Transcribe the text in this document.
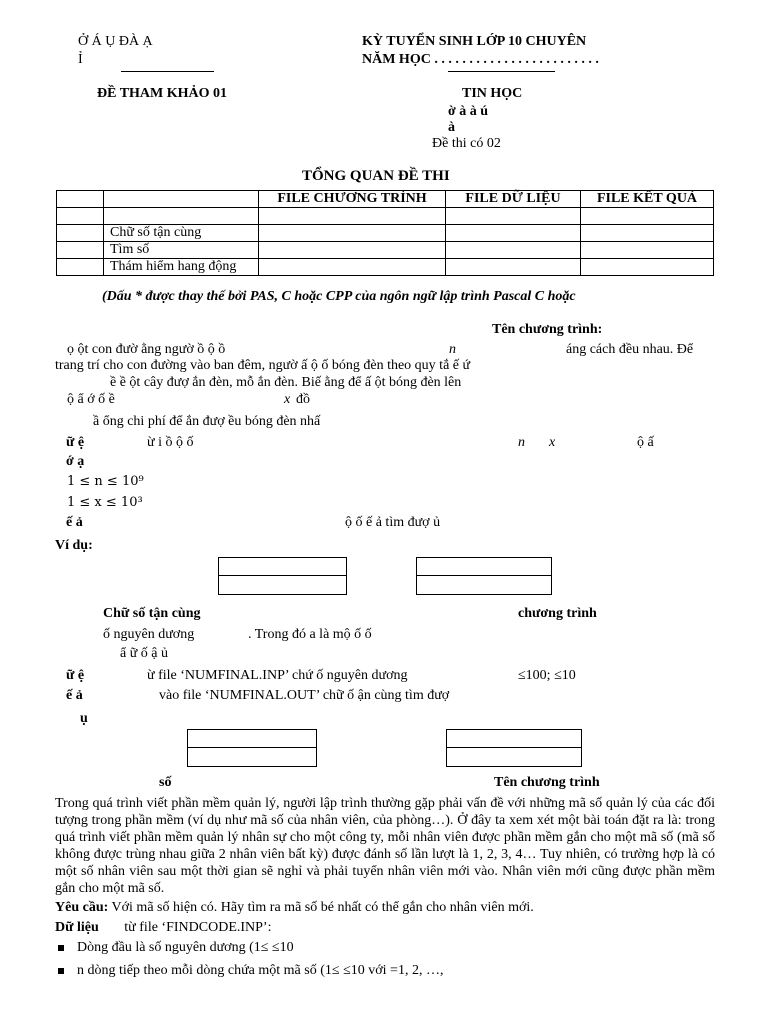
Ở Á Ụ ĐÀ Ạ
Ỉ
KỲ TUYỂN SINH LỚP 10 CHUYÊN
NĂM HỌC . . . . . . . . . . . . . . . . . . . . . . . .
ĐỀ THAM KHẢO 01	TIN HỌC
ờ à à ú
à
Đề thi có 02
TỔNG QUAN ĐỀ THI
		FILE CHƯƠNG TRÌNH	FILE DỮ LIỆU	FILE KẾT QUẢ

	Chữ số tận cùng			
	Tìm số			
	Thám hiểm hang động			
(Dấu * được thay thế bởi PAS, C hoặc CPP của ngôn ngữ lập trình Pascal C hoặc
Tên chương trình:
ọ ột con đườ ằng ngườ ồ ộ ồ	n	áng cách đều nhau. Để
trang trí cho con đường vào ban đêm, ngườ ấ ộ ố bóng đèn theo quy tắ ế ứ
ề ề ột cây đượ ắn đèn, mỗ ắn đèn. Biế ằng để ấ ột bóng đèn lên
ộ ẩ ớ ố ề	x đồ
ầ ổng chi phí để ắn đượ ều bóng đèn nhấ
ữ ệ	ừ i ồ ộ ố	n x	ộ ấ
ớ ạ
1 ≤ n ≤ 10⁹
1 ≤ x ≤ 10³
ế ả	ộ ố ế ả tìm đượ ủ
Ví dụ:
Chữ số tận cùng	chương trình
ố nguyên dương	. Trong đó a là mộ ố ố
ẩ ữ ố ậ ủ
ữ ệ	ừ file ‘NUMFINAL.INP’ chứ ố nguyên dương	≤100; ≤10
ế ả	vào file ‘NUMFINAL.OUT’ chữ ố ận cùng tìm đượ
ụ
số	Tên chương trình
Trong quá trình viết phần mềm quản lý, người lập trình thường gặp phải vấn đề với những mã số quản lý của các đối tượng trong phần mềm (ví dụ như mã số của nhân viên, của phòng…). Ở đây ta xem xét một bài toán đặt ra là: trong quá trình viết phần mềm quản lý nhân sự cho một công ty, mỗi nhân viên được phần mềm gắn cho một mã số (mã số không được trùng nhau giữa 2 nhân viên bất kỳ) được đánh số lần lượt là 1, 2, 3, 4… Tuy nhiên, có trường hợp là có một số nhân viên sau một thời gian sẽ nghỉ và phải tuyển nhân viên mới vào. Nhân viên mới cũng được phần mềm gắn cho một mã số.
Yêu cầu: Với mã số hiện có. Hãy tìm ra mã số bé nhất có thể gắn cho nhân viên mới.
Dữ liệu từ file ‘FINDCODE.INP’:
Dòng đầu là số nguyên dương (1≤ ≤10
n dòng tiếp theo mỗi dòng chứa một mã số (1≤ ≤10 với =1, 2, …,
